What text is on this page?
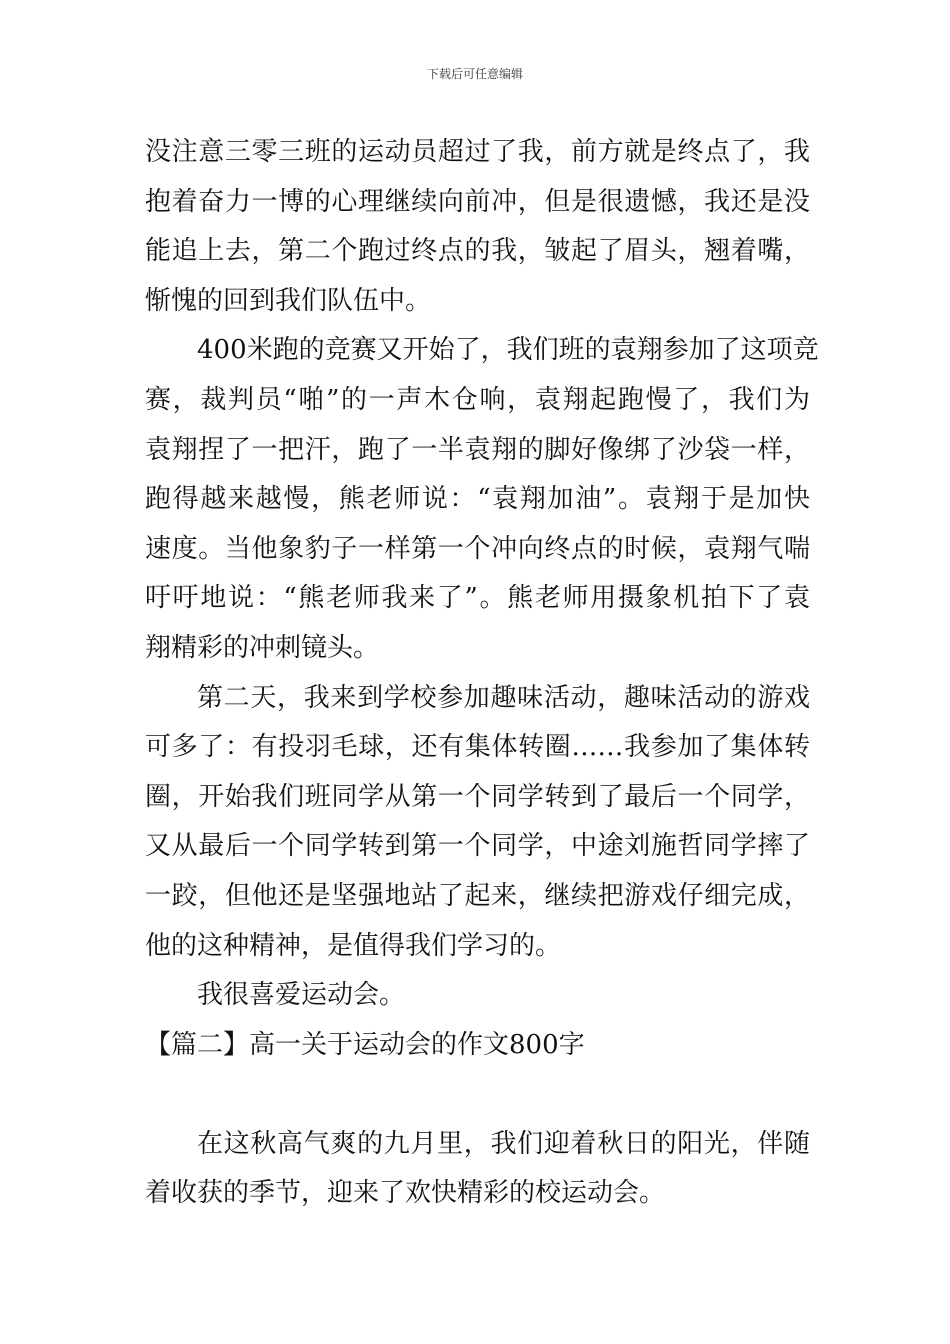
下载后可任意编辑
没注意三零三班的运动员超过了我，前方就是终点了，我
抱着奋力一博的心理继续向前冲，但是很遗憾，我还是没
能追上去，第二个跑过终点的我，皱起了眉头，翘着嘴，
惭愧的回到我们队伍中。
400米跑的竞赛又开始了，我们班的袁翔参加了这项竞
赛，裁判员“啪”的一声木仓响，袁翔起跑慢了，我们为
袁翔捏了一把汗，跑了一半袁翔的脚好像绑了沙袋一样，
跑得越来越慢，熊老师说：“袁翔加油”。袁翔于是加快
速度。当他象豹子一样第一个冲向终点的时候，袁翔气喘
吁吁地说：“熊老师我来了”。熊老师用摄象机拍下了袁
翔精彩的冲刺镜头。
第二天，我来到学校参加趣味活动，趣味活动的游戏
可多了：有投羽毛球，还有集体转圈……我参加了集体转
圈，开始我们班同学从第一个同学转到了最后一个同学，
又从最后一个同学转到第一个同学，中途刘施哲同学摔了
一跤，但他还是坚强地站了起来，继续把游戏仔细完成，
他的这种精神，是值得我们学习的。
我很喜爱运动会。
【篇二】高一关于运动会的作文800字
在这秋高气爽的九月里，我们迎着秋日的阳光，伴随
着收获的季节，迎来了欢快精彩的校运动会。
